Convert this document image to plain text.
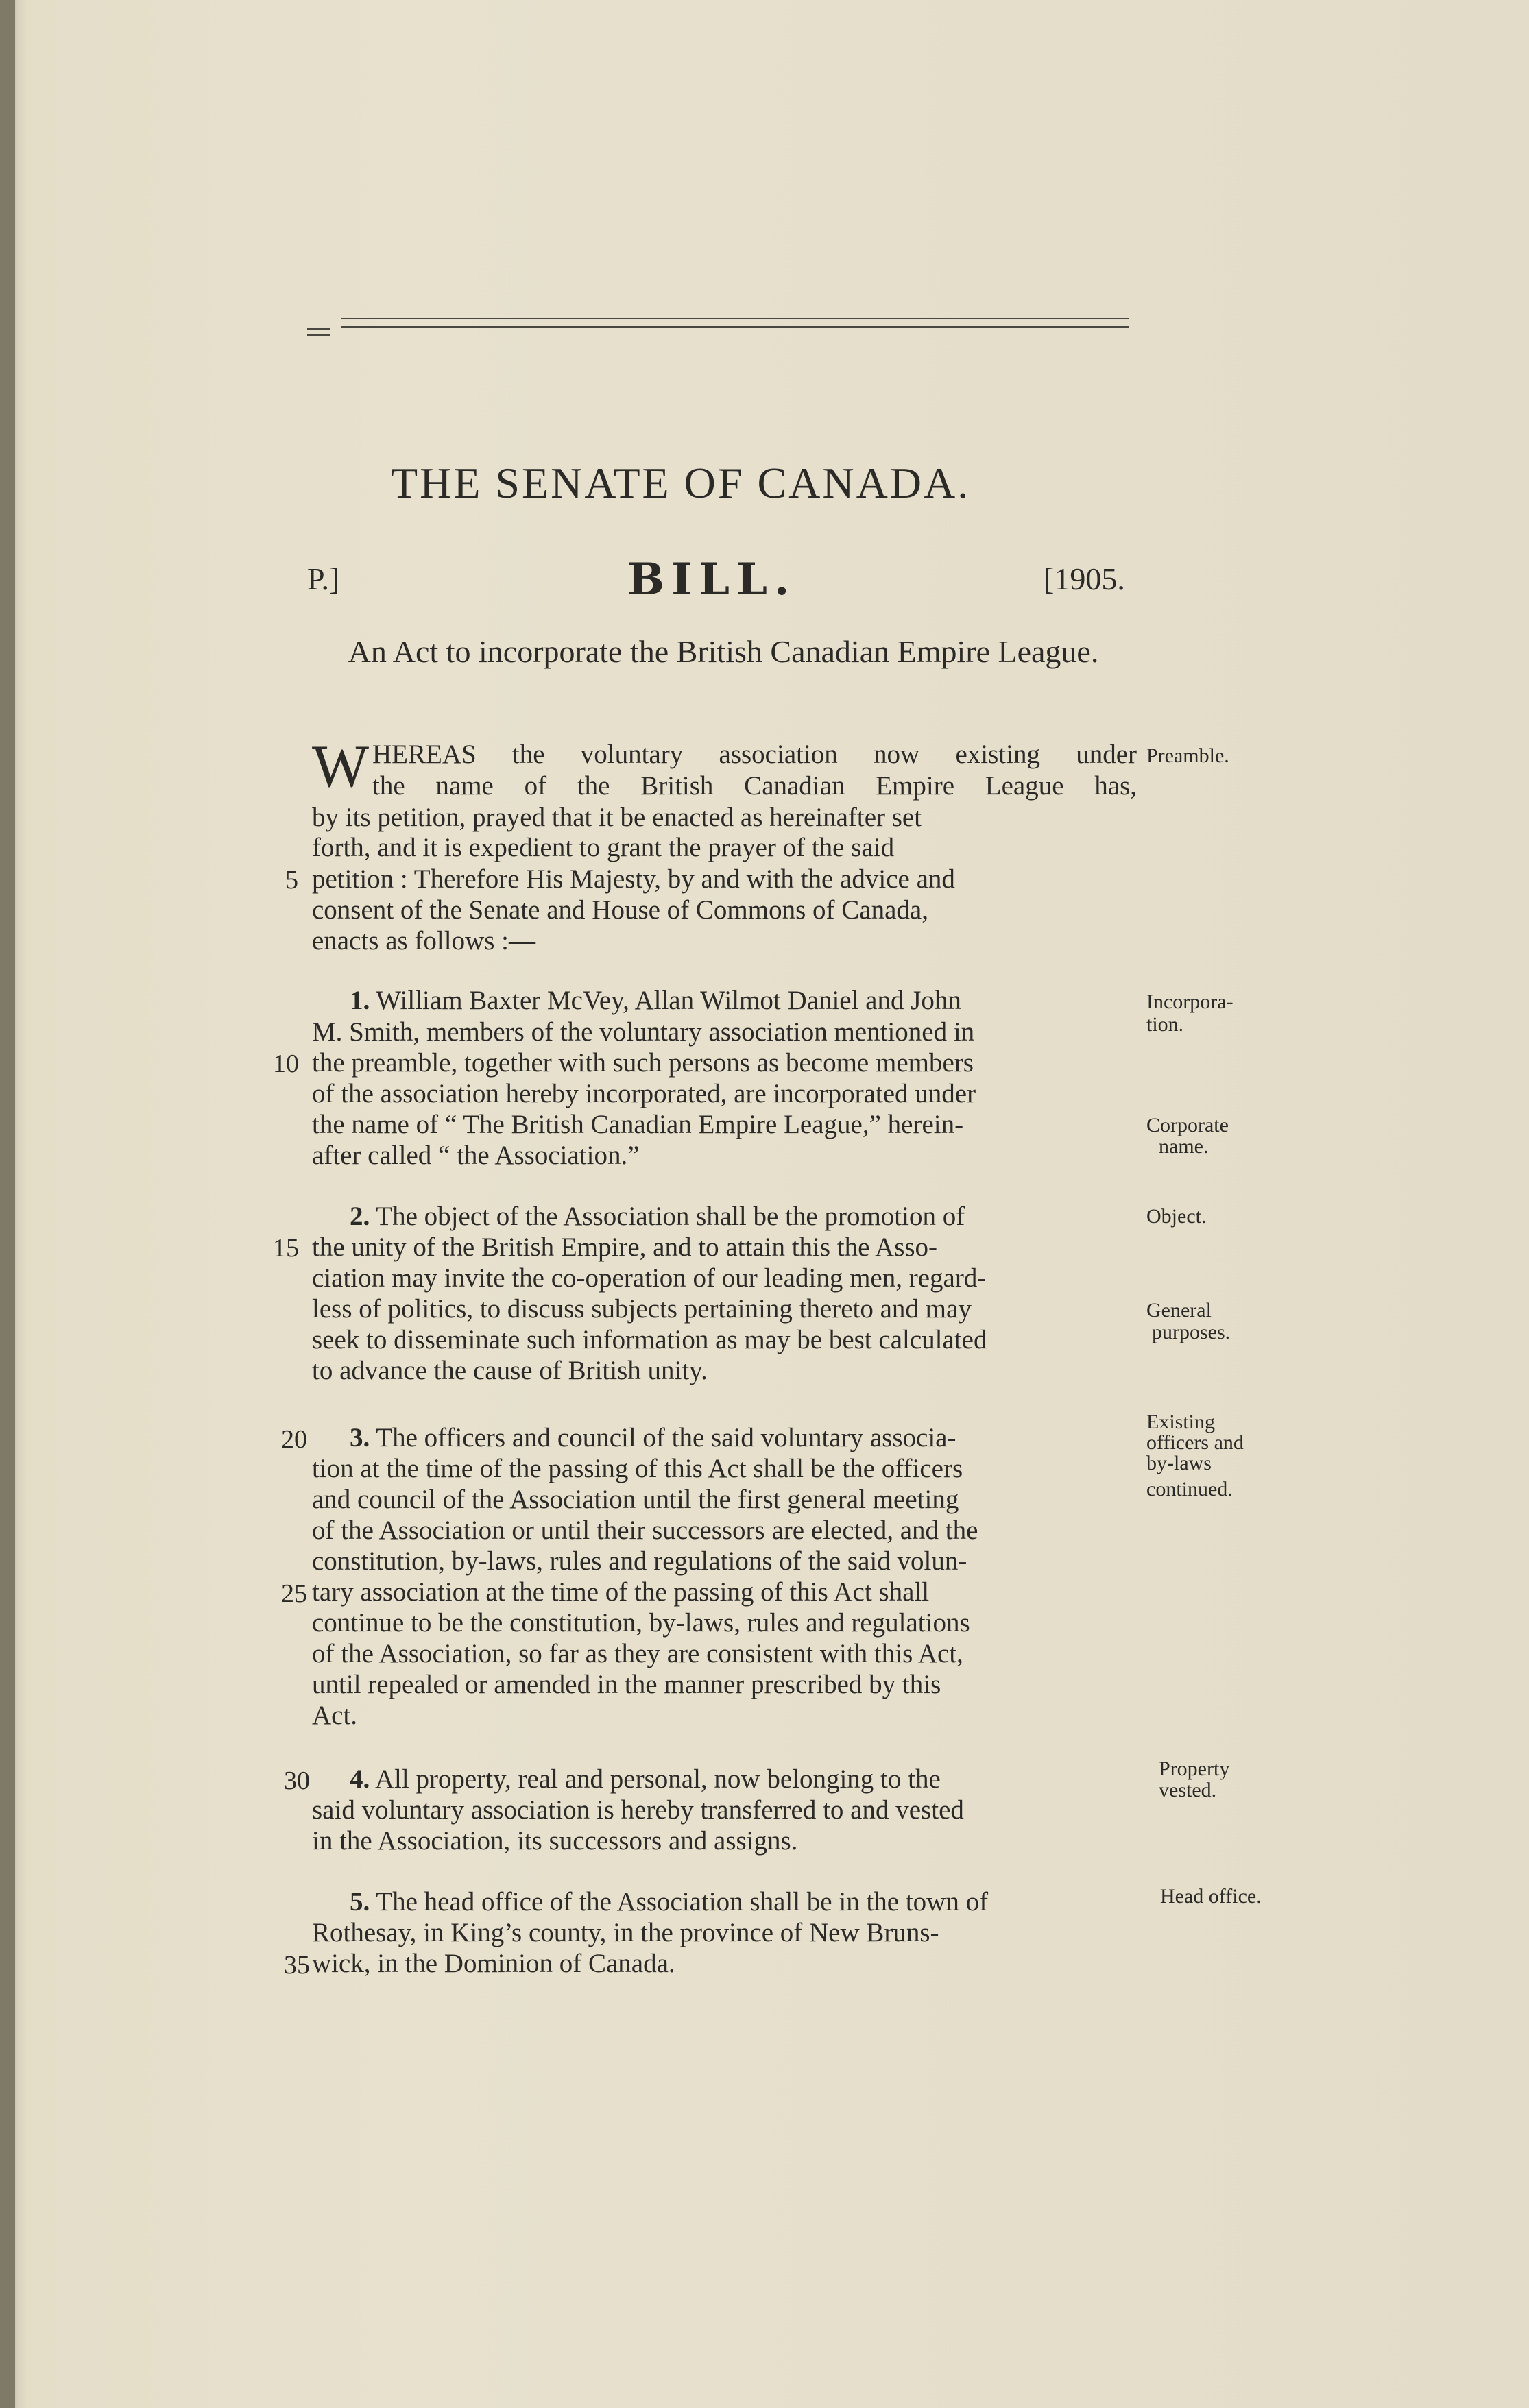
THE SENATE OF CANADA.
P.]	BILL.	[1905.
An Act to incorporate the British Canadian Empire League.
W HEREAS the voluntary association now existing under
the name of the British Canadian Empire League has,
by its petition, prayed that it be enacted as hereinafter set
forth, and it is expedient to grant the prayer of the said
petition : Therefore His Majesty, by and with the advice and
consent of the Senate and House of Commons of Canada,
enacts as follows :—
1. William Baxter McVey, Allan Wilmot Daniel and John
M. Smith, members of the voluntary association mentioned in
the preamble, together with such persons as become members
of the association hereby incorporated, are incorporated under
the name of “ The British Canadian Empire League,” herein-
after called “ the Association.”
2. The object of the Association shall be the promotion of
the unity of the British Empire, and to attain this the Asso-
ciation may invite the co-operation of our leading men, regard-
less of politics, to discuss subjects pertaining thereto and may
seek to disseminate such information as may be best calculated
to advance the cause of British unity.
3. The officers and council of the said voluntary associa-
tion at the time of the passing of this Act shall be the officers
and council of the Association until the first general meeting
of the Association or until their successors are elected, and the
constitution, by-laws, rules and regulations of the said volun-
tary association at the time of the passing of this Act shall
continue to be the constitution, by-laws, rules and regulations
of the Association, so far as they are consistent with this Act,
until repealed or amended in the manner prescribed by this
Act.
4. All property, real and personal, now belonging to the
said voluntary association is hereby transferred to and vested
in the Association, its successors and assigns.
5. The head office of the Association shall be in the town of
Rothesay, in King’s county, in the province of New Bruns-
wick, in the Dominion of Canada.
5
10
15
20
25
30
35
Preamble.
Incorpora-
tion.
Corporate
name.
Object.
General
purposes.
Existing
officers and
by-laws
continued.
Property
vested.
Head office.
